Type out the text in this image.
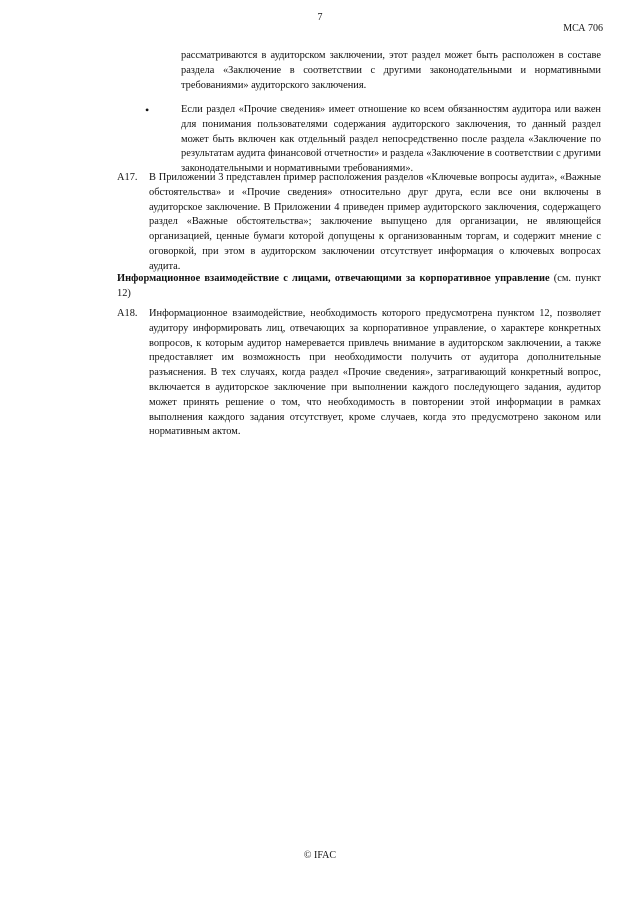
7
МСА 706

рассматриваются в аудиторском заключении, этот раздел может быть расположен в составе раздела «Заключение в соответствии с другими законодательными и нормативными требованиями» аудиторского заключения.

•	Если раздел «Прочие сведения» имеет отношение ко всем обязанностям аудитора или важен для понимания пользователями содержания аудиторского заключения, то данный раздел может быть включен как отдельный раздел непосредственно после раздела «Заключение по результатам аудита финансовой отчетности» и раздела «Заключение в соответствии с другими законодательными и нормативными требованиями».

A17. В Приложении 3 представлен пример расположения разделов «Ключевые вопросы аудита», «Важные обстоятельства» и «Прочие сведения» относительно друг друга, если все они включены в аудиторское заключение. В Приложении 4 приведен пример аудиторского заключения, содержащего раздел «Важные обстоятельства»; заключение выпущено для организации, не являющейся организацией, ценные бумаги которой допущены к организованным торгам, и содержит мнение с оговоркой, при этом в аудиторском заключении отсутствует информация о ключевых вопросах аудита.

Информационное взаимодействие с лицами, отвечающими за корпоративное управление (см. пункт 12)

A18. Информационное взаимодействие, необходимость которого предусмотрена пунктом 12, позволяет аудитору информировать лиц, отвечающих за корпоративное управление, о характере конкретных вопросов, к которым аудитор намеревается привлечь внимание в аудиторском заключении, а также предоставляет им возможность при необходимости получить от аудитора дополнительные разъяснения. В тех случаях, когда раздел «Прочие сведения», затрагивающий конкретный вопрос, включается в аудиторское заключение при выполнении каждого последующего задания, аудитор может принять решение о том, что необходимость в повторении этой информации в рамках выполнения каждого задания отсутствует, кроме случаев, когда это предусмотрено законом или нормативным актом.

© IFAC
